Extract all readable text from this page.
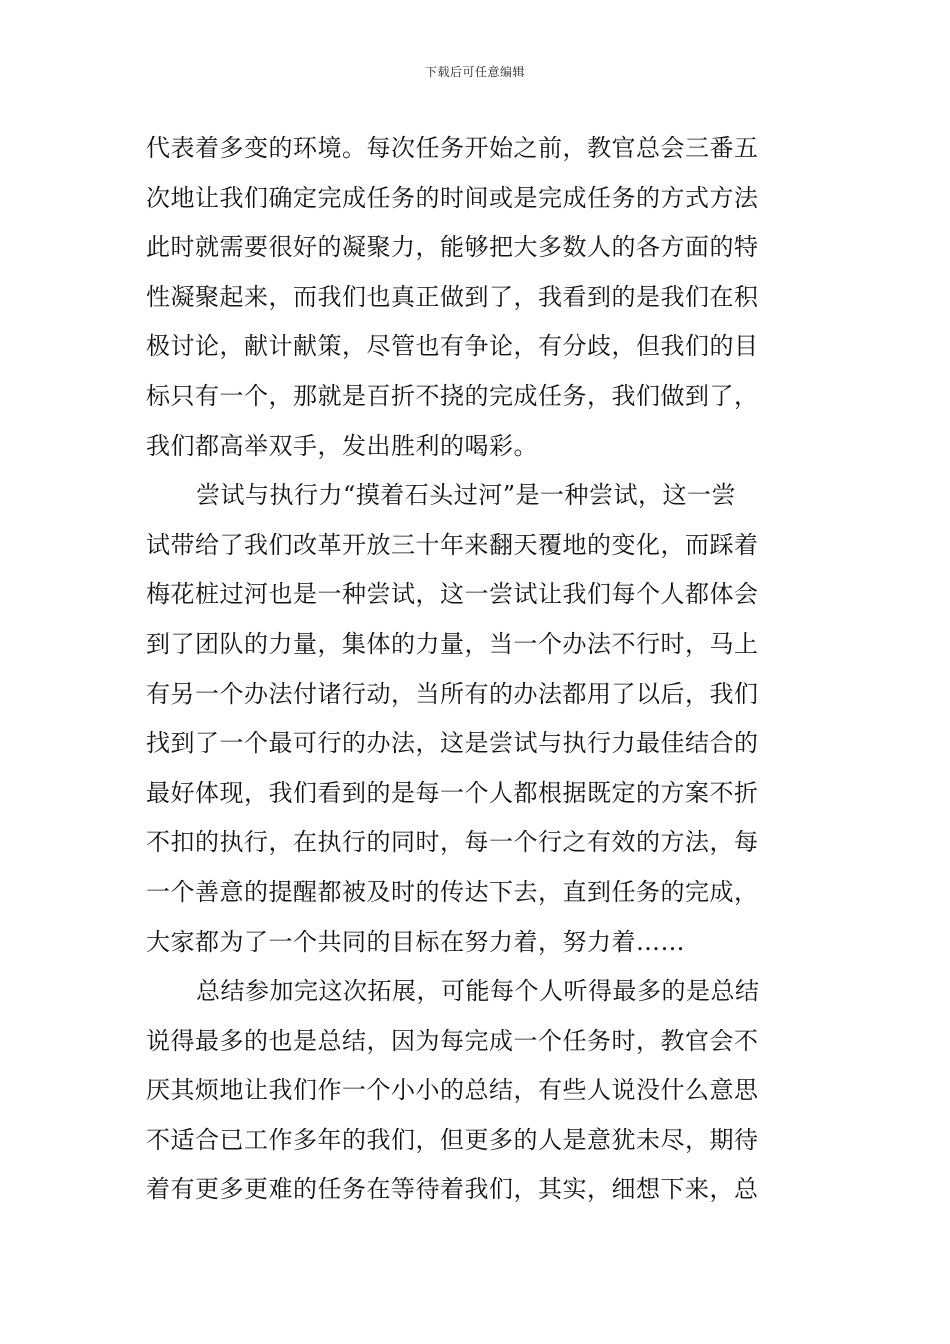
下载后可任意编辑
代表着多变的环境。每次任务开始之前，教官总会三番五
次地让我们确定完成任务的时间或是完成任务的方式方法
此时就需要很好的凝聚力，能够把大多数人的各方面的特
性凝聚起来，而我们也真正做到了，我看到的是我们在积
极讨论，献计献策，尽管也有争论，有分歧，但我们的目
标只有一个，那就是百折不挠的完成任务，我们做到了，
我们都高举双手，发出胜利的喝彩。
尝试与执行力“摸着石头过河”是一种尝试，这一尝
试带给了我们改革开放三十年来翻天覆地的变化，而踩着
梅花桩过河也是一种尝试，这一尝试让我们每个人都体会
到了团队的力量，集体的力量，当一个办法不行时，马上
有另一个办法付诸行动，当所有的办法都用了以后，我们
找到了一个最可行的办法，这是尝试与执行力最佳结合的
最好体现，我们看到的是每一个人都根据既定的方案不折
不扣的执行，在执行的同时，每一个行之有效的方法，每
一个善意的提醒都被及时的传达下去，直到任务的完成，
大家都为了一个共同的目标在努力着，努力着……
总结参加完这次拓展，可能每个人听得最多的是总结
说得最多的也是总结，因为每完成一个任务时，教官会不
厌其烦地让我们作一个小小的总结，有些人说没什么意思
不适合已工作多年的我们，但更多的人是意犹未尽，期待
着有更多更难的任务在等待着我们，其实，细想下来，总
